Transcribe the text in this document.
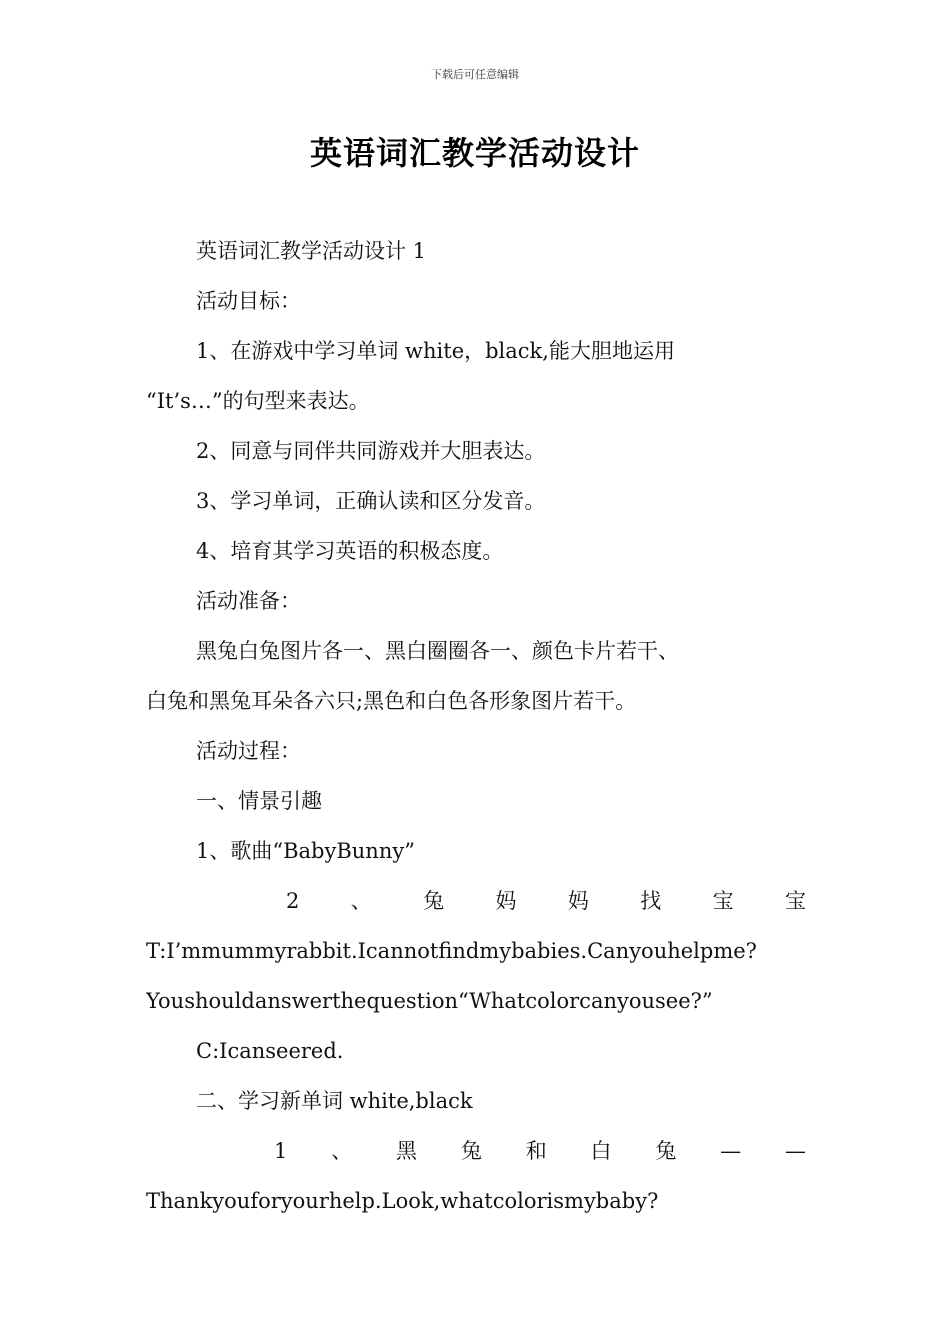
下载后可任意编辑
英语词汇教学活动设计
英语词汇教学活动设计 1
活动目标：
1、在游戏中学习单词 white，black,能大胆地运用
“It’s…”的句型来表达。
2、同意与同伴共同游戏并大胆表达。
3、学习单词，正确认读和区分发音。
4、培育其学习英语的积极态度。
活动准备：
黑兔白兔图片各一、黑白圈圈各一、颜色卡片若干、
白兔和黑兔耳朵各六只;黑色和白色各形象图片若干。
活动过程：
一、情景引趣
1、歌曲“BabyBunny”
2 、 兔 妈 妈 找 宝 宝
T:I’mmummyrabbit.Icannotfindmybabies.Canyouhelpme?
Youshouldanswerthequestion“Whatcolorcanyousee?”
C:Icanseered.
二、学习新单词 white,black
1 、 黑 兔 和 白 兔 — —
Thankyouforyourhelp.Look,whatcolorismybaby?
